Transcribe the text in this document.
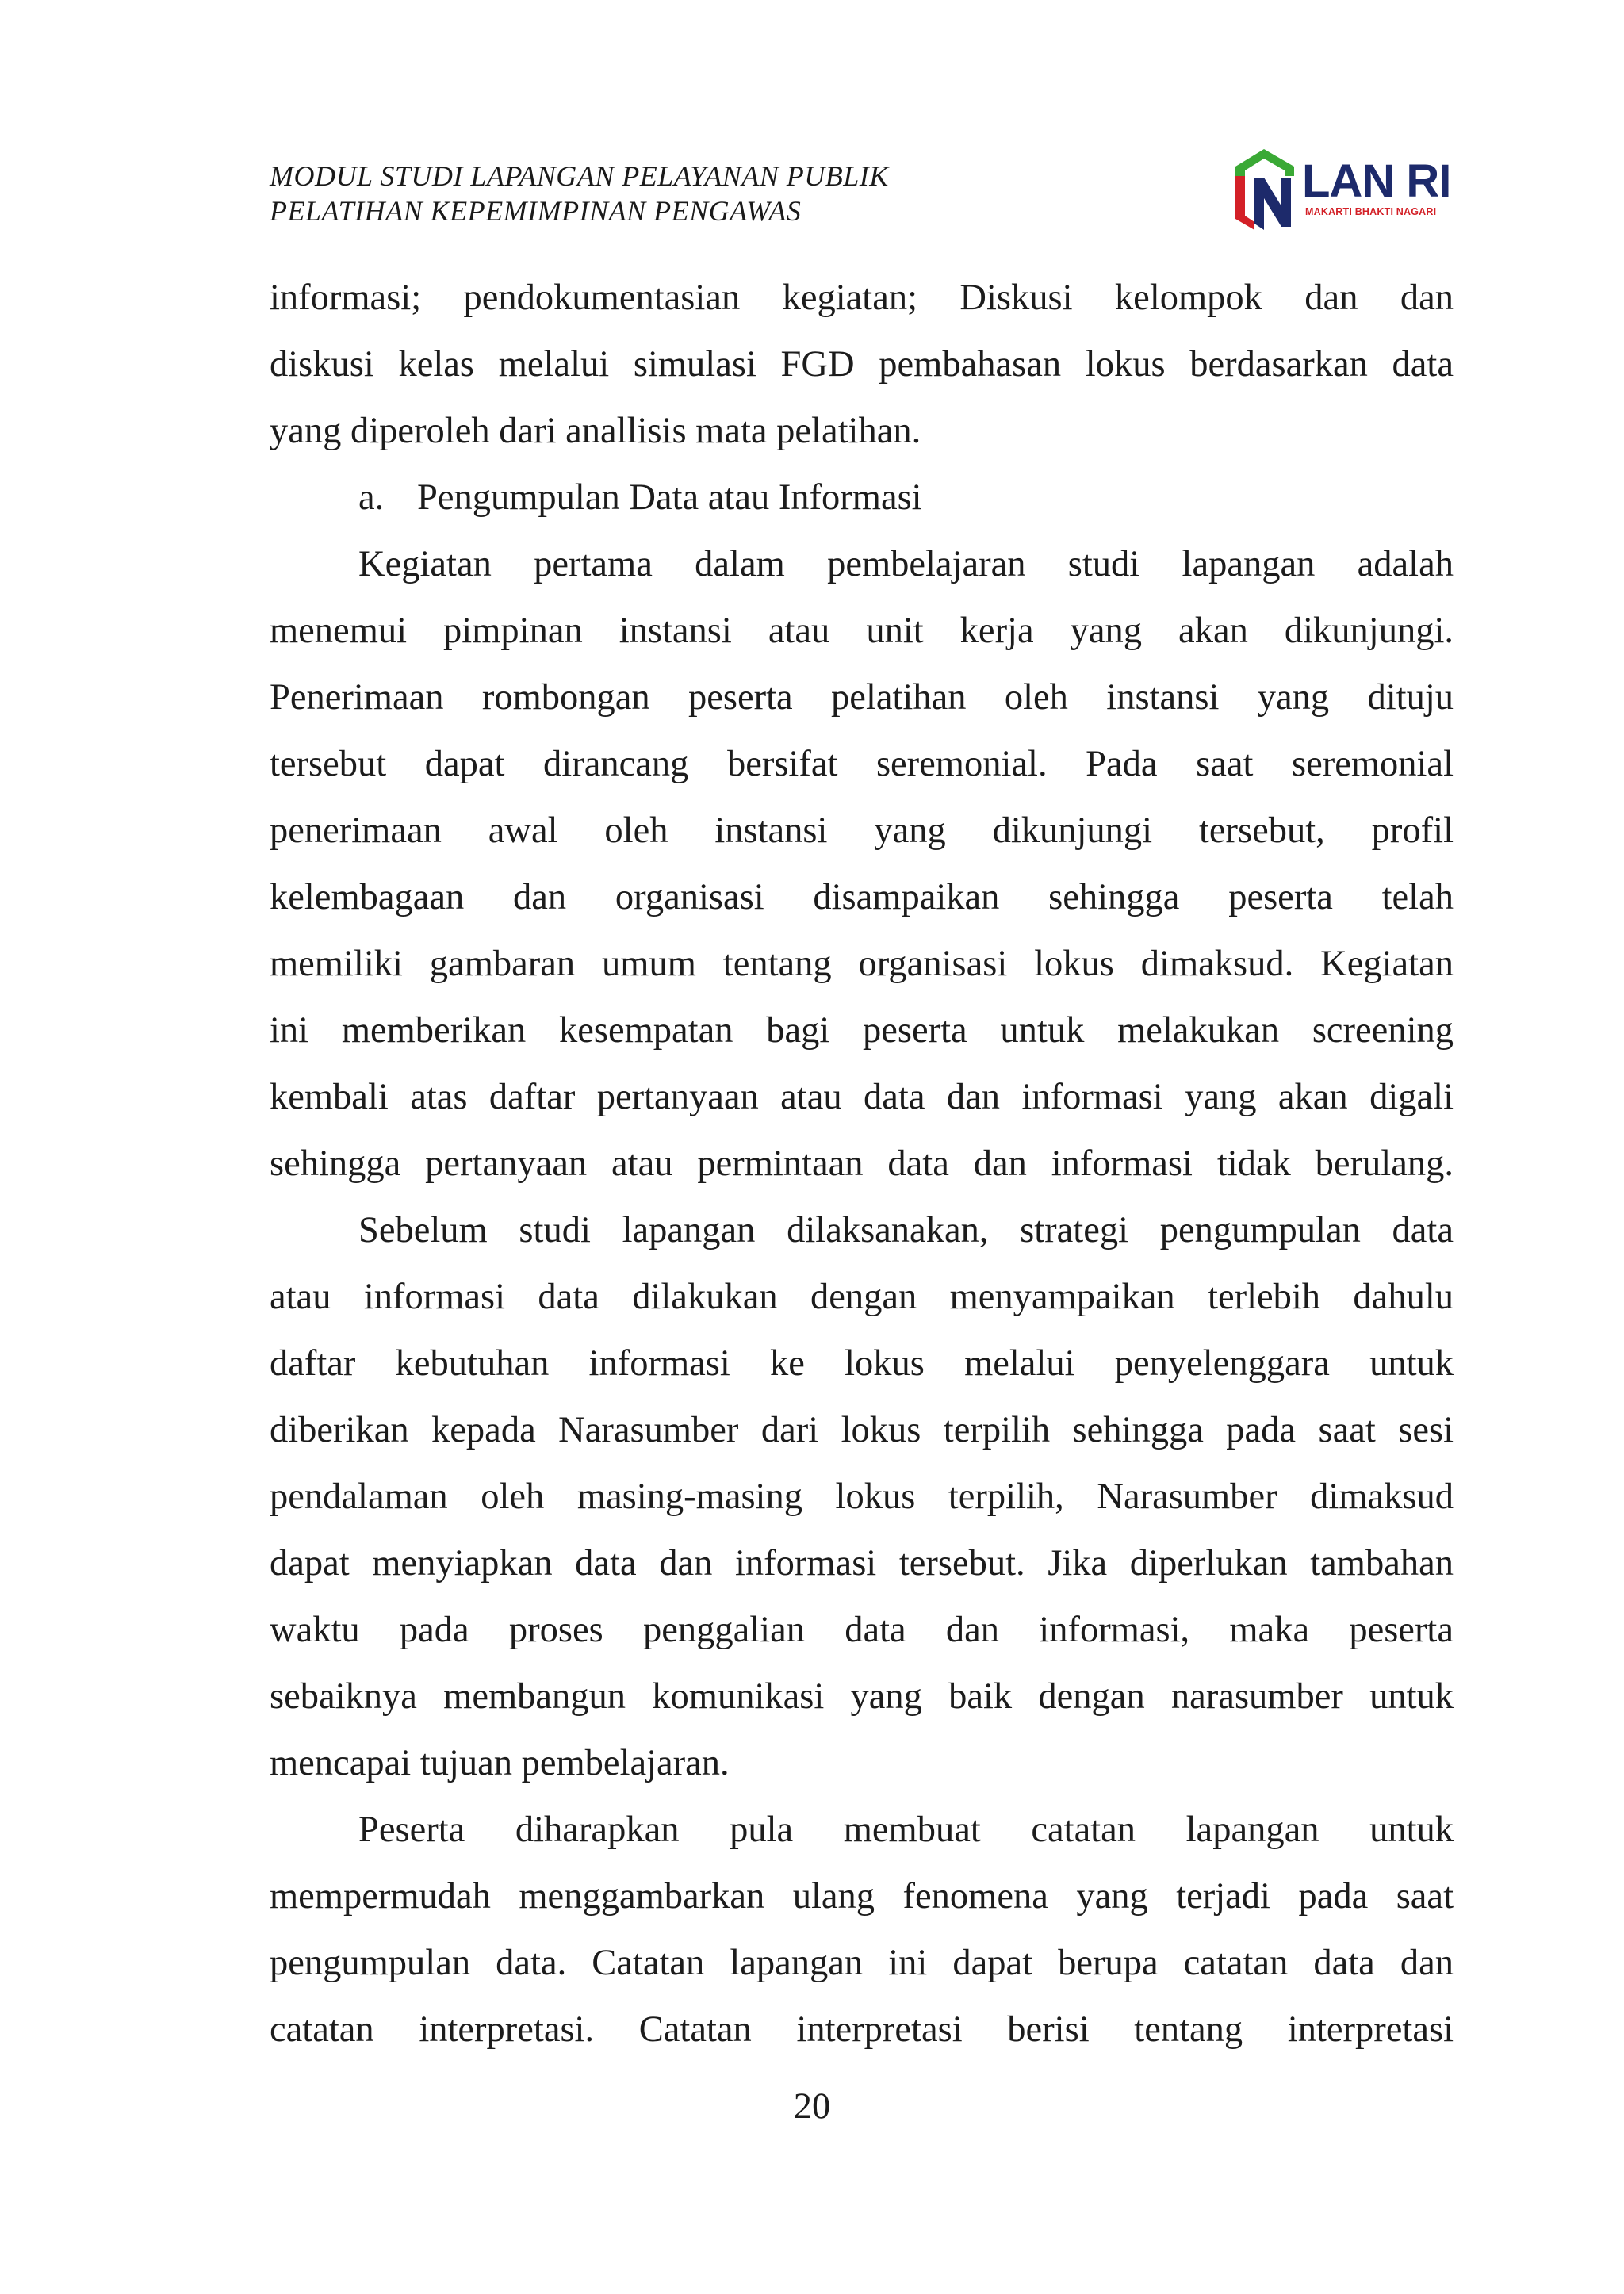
MODUL STUDI LAPANGAN PELAYANAN PUBLIK
PELATIHAN KEPEMIMPINAN PENGAWAS
LAN RI
MAKARTI BHAKTI NAGARI
informasi; pendokumentasian kegiatan; Diskusi kelompok dan dan
diskusi kelas melalui simulasi FGD pembahasan lokus berdasarkan data
yang diperoleh dari anallisis mata pelatihan.
a. Pengumpulan Data atau Informasi
Kegiatan pertama dalam pembelajaran studi lapangan adalah
menemui pimpinan instansi atau unit kerja yang akan dikunjungi.
Penerimaan rombongan peserta pelatihan oleh instansi yang dituju
tersebut dapat dirancang bersifat seremonial. Pada saat seremonial
penerimaan awal oleh instansi yang dikunjungi tersebut, profil
kelembagaan dan organisasi disampaikan sehingga peserta telah
memiliki gambaran umum tentang organisasi lokus dimaksud. Kegiatan
ini memberikan kesempatan bagi peserta untuk melakukan screening
kembali atas daftar pertanyaan atau data dan informasi yang akan digali
sehingga pertanyaan atau permintaan data dan informasi tidak berulang.
Sebelum studi lapangan dilaksanakan, strategi pengumpulan data
atau informasi data dilakukan dengan menyampaikan terlebih dahulu
daftar kebutuhan informasi ke lokus melalui penyelenggara untuk
diberikan kepada Narasumber dari lokus terpilih sehingga pada saat sesi
pendalaman oleh masing-masing lokus terpilih, Narasumber dimaksud
dapat menyiapkan data dan informasi tersebut. Jika diperlukan tambahan
waktu pada proses penggalian data dan informasi, maka peserta
sebaiknya membangun komunikasi yang baik dengan narasumber untuk
mencapai tujuan pembelajaran.
Peserta diharapkan pula membuat catatan lapangan untuk
mempermudah menggambarkan ulang fenomena yang terjadi pada saat
pengumpulan data. Catatan lapangan ini dapat berupa catatan data dan
catatan interpretasi. Catatan interpretasi berisi tentang interpretasi
20
